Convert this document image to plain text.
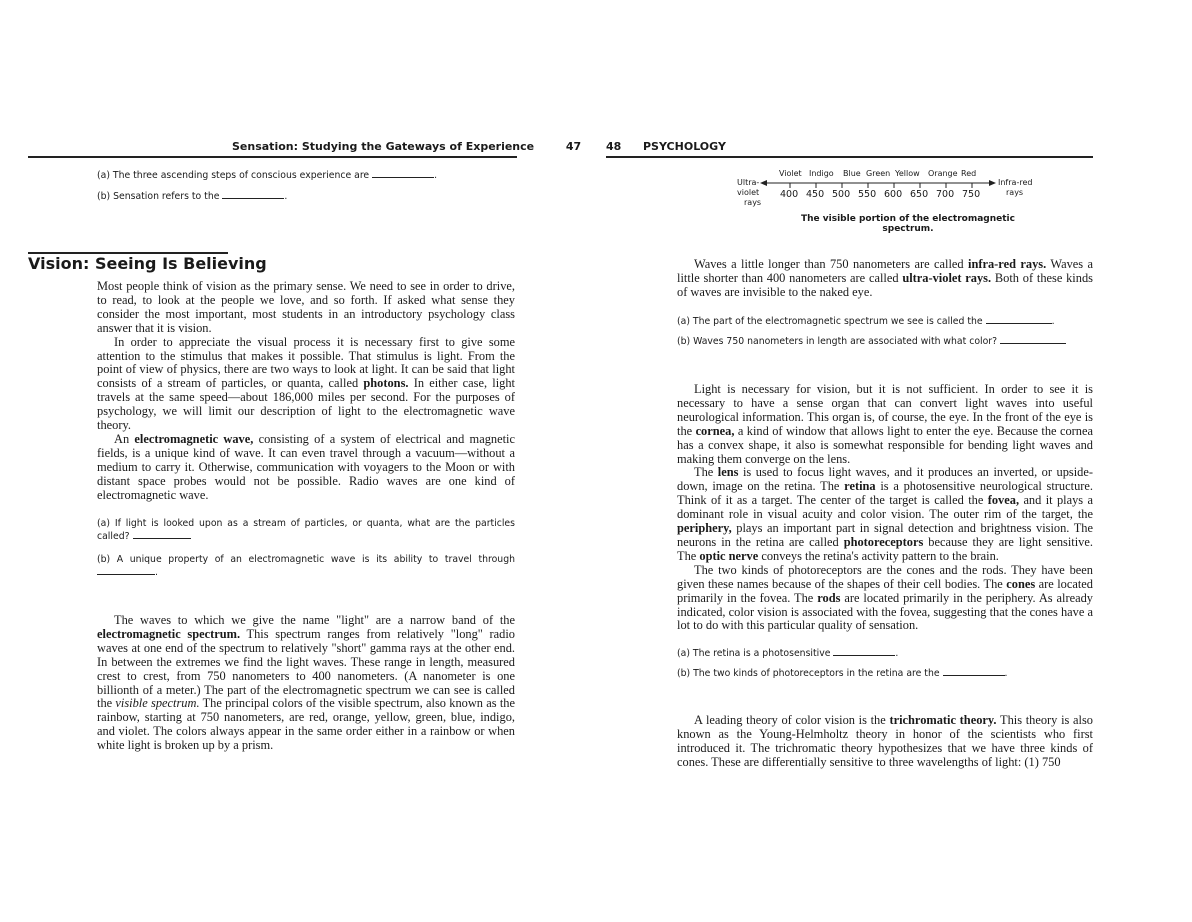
Sensation: Studying the Gateways of Experience	47
(a) The three ascending steps of conscious experience are	.
(b) Sensation refers to the	.
Vision: Seeing Is Believing

Most people think of vision as the primary sense. We need to see in order to drive, to read, to look at the people we love, and so forth. If asked what sense they consider the most important, most students in an introductory psychology class answer that it is vision.

In order to appreciate the visual process it is necessary first to give some attention to the stimulus that makes it possible. That stimulus is light. From the point of view of physics, there are two ways to look at light. It can be said that light consists of a stream of particles, or quanta, called photons. In either case, light travels at the same speed—about 186,000 miles per second. For the purposes of psychology, we will limit our description of light to the electromagnetic wave theory.

An electromagnetic wave, consisting of a system of electrical and magnetic fields, is a unique kind of wave. It can even travel through a vacuum—without a medium to carry it. Otherwise, communication with voyagers to the Moon or with distant space probes would not be possible. Radio waves are one kind of electromagnetic wave.

(a) If light is looked upon as a stream of particles, or quanta, what are the particles called?
(b) A unique property of an electromagnetic wave is its ability to travel through .

The waves to which we give the name "light" are a narrow band of the electromagnetic spectrum. This spectrum ranges from relatively "long" radio waves at one end of the spectrum to relatively "short" gamma rays at the other end. In between the extremes we find the light waves. These range in length, measured crest to crest, from 750 nanometers to 400 nanometers. (A nanometer is one billionth of a meter.) The part of the electromagnetic spectrum we can see is called the visible spectrum. The principal colors of the visible spectrum, also known as the rainbow, starting at 750 nanometers, are red, orange, yellow, green, blue, indigo, and violet. The colors always appear in the same order either in a rainbow or when white light is broken up by a prism.

48 PSYCHOLOGY
Violet Indigo Blue Green Yellow Orange Red
Ultra-
violet
rays
Infra-red
rays
400 450 500 550 600 650 700 750
The visible portion of the electromagnetic spectrum.

Waves a little longer than 750 nanometers are called infra-red rays. Waves a little shorter than 400 nanometers are called ultra-violet rays. Both of these kinds of waves are invisible to the naked eye.

(a) The part of the electromagnetic spectrum we see is called the	.
(b) Waves 750 nanometers in length are associated with what color?

Light is necessary for vision, but it is not sufficient. In order to see it is necessary to have a sense organ that can convert light waves into useful neurological information. This organ is, of course, the eye. In the front of the eye is the cornea, a kind of window that allows light to enter the eye. Because the cornea has a convex shape, it also is somewhat responsible for bending light waves and making them converge on the lens.

The lens is used to focus light waves, and it produces an inverted, or upside-down, image on the retina. The retina is a photosensitive neurological structure. Think of it as a target. The center of the target is called the fovea, and it plays a dominant role in visual acuity and color vision. The outer rim of the target, the periphery, plays an important part in signal detection and brightness vision. The neurons in the retina are called photoreceptors because they are light sensitive. The optic nerve conveys the retina's activity pattern to the brain.

The two kinds of photoreceptors are the cones and the rods. They have been given these names because of the shapes of their cell bodies. The cones are located primarily in the fovea. The rods are located primarily in the periphery. As already indicated, color vision is associated with the fovea, suggesting that the cones have a lot to do with this particular quality of sensation.

(a) The retina is a photosensitive	.
(b) The two kinds of photoreceptors in the retina are the	.

A leading theory of color vision is the trichromatic theory. This theory is also known as the Young-Helmholtz theory in honor of the scientists who first introduced it. The trichromatic theory hypothesizes that we have three kinds of cones. These are differentially sensitive to three wavelengths of light: (1) 750
